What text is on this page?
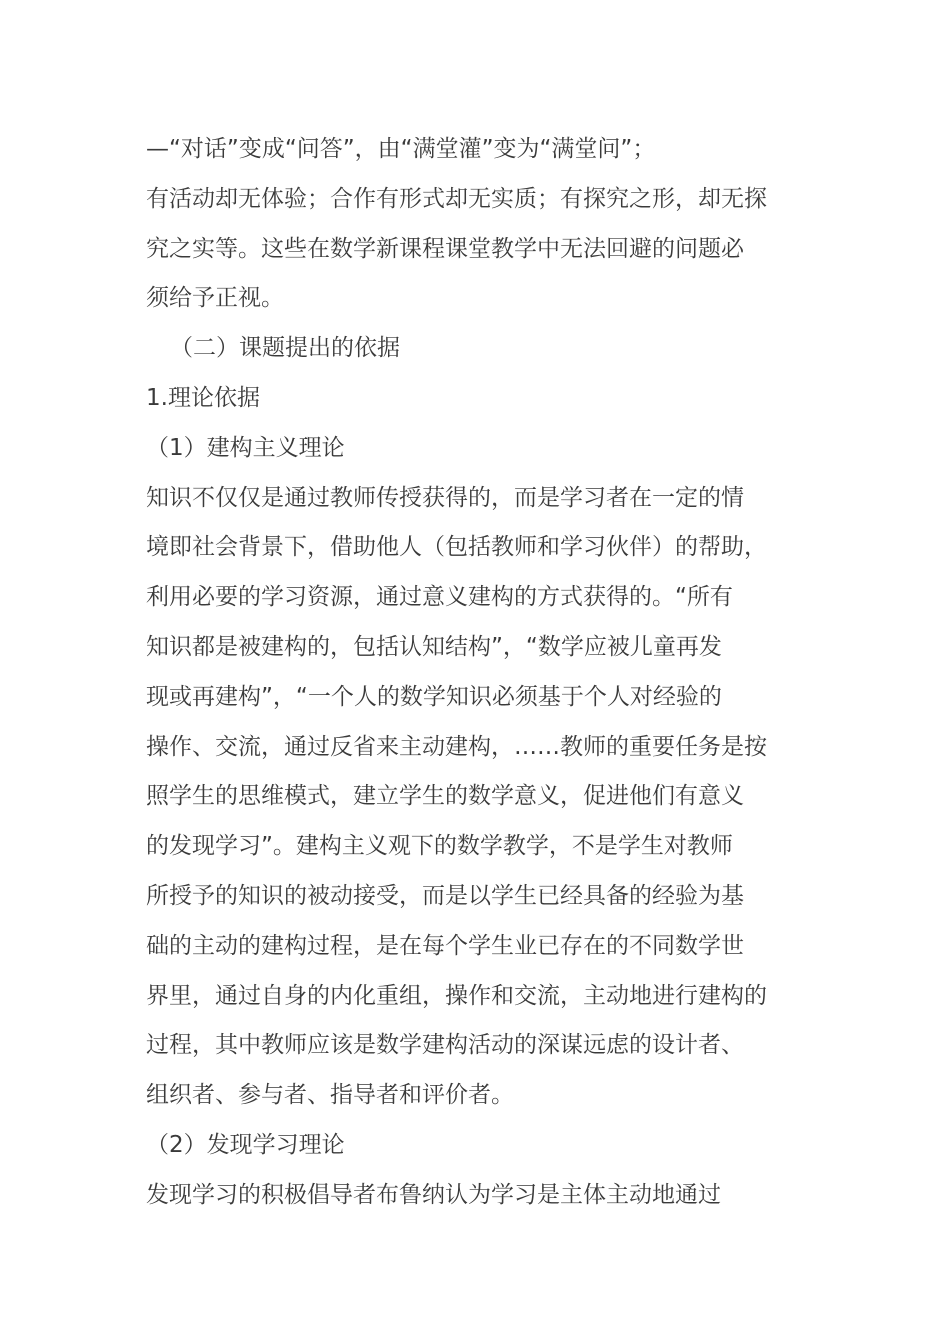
—“对话”变成“问答”，由“满堂灌”变为“满堂问”；
有活动却无体验；合作有形式却无实质；有探究之形，却无探
究之实等。这些在数学新课程课堂教学中无法回避的问题必
须给予正视。
（二）课题提出的依据
1.理论依据
（1）建构主义理论
知识不仅仅是通过教师传授获得的，而是学习者在一定的情
境即社会背景下，借助他人（包括教师和学习伙伴）的帮助，
利用必要的学习资源，通过意义建构的方式获得的。“所有
知识都是被建构的，包括认知结构”，“数学应被儿童再发
现或再建构”，“一个人的数学知识必须基于个人对经验的
操作、交流，通过反省来主动建构，……教师的重要任务是按
照学生的思维模式，建立学生的数学意义，促进他们有意义
的发现学习”。建构主义观下的数学教学，不是学生对教师
所授予的知识的被动接受，而是以学生已经具备的经验为基
础的主动的建构过程，是在每个学生业已存在的不同数学世
界里，通过自身的内化重组，操作和交流，主动地进行建构的
过程，其中教师应该是数学建构活动的深谋远虑的设计者、
组织者、参与者、指导者和评价者。
（2）发现学习理论
发现学习的积极倡导者布鲁纳认为学习是主体主动地通过
